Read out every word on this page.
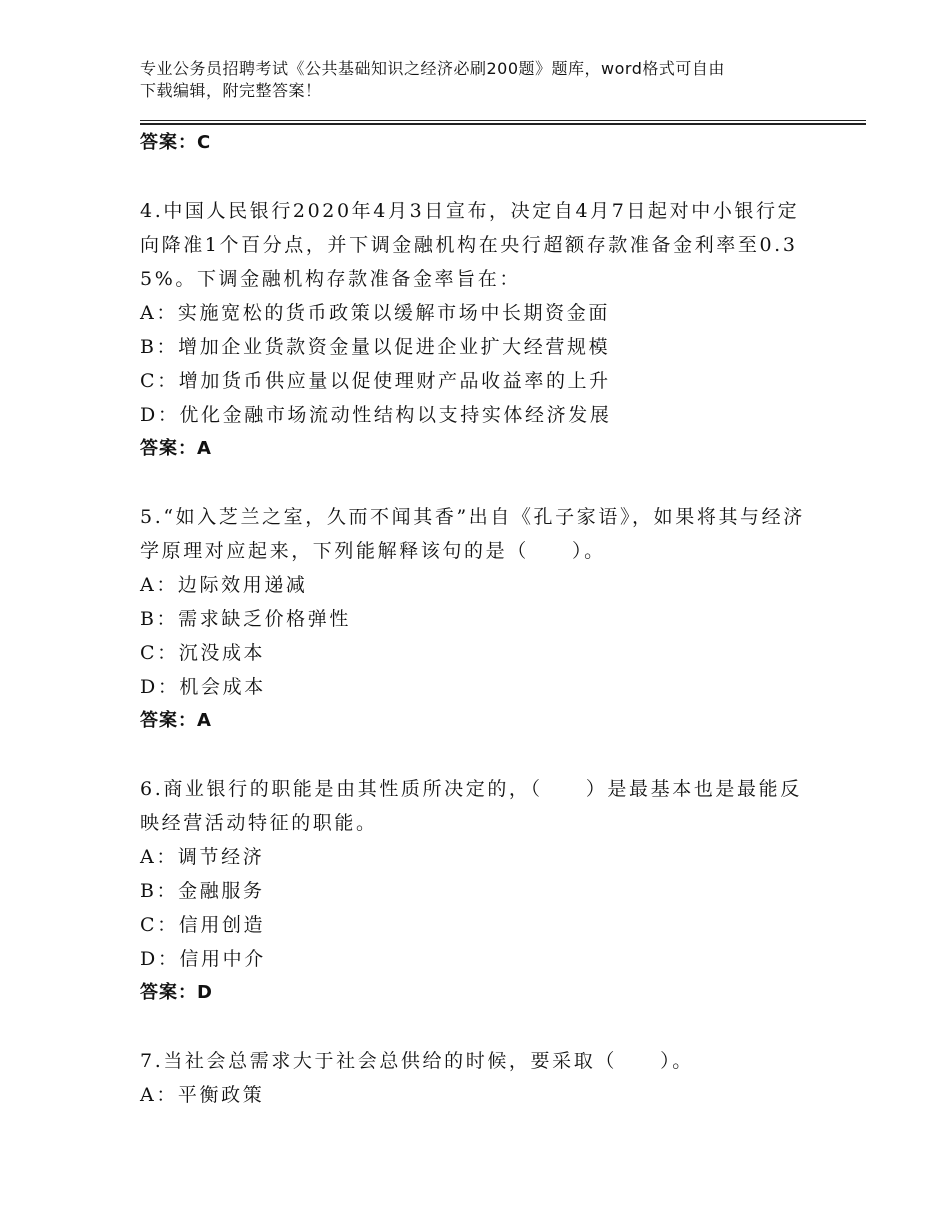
专业公务员招聘考试《公共基础知识之经济必刷200题》题库，word格式可自由
下载编辑，附完整答案！
答案：C
4.中国人民银行2020年4月3日宣布，决定自4月7日起对中小银行定向降准1个百分点，并下调金融机构在央行超额存款准备金利率至0.35%。下调金融机构存款准备金率旨在：
A：实施宽松的货币政策以缓解市场中长期资金面
B：增加企业货款资金量以促进企业扩大经营规模
C：增加货币供应量以促使理财产品收益率的上升
D：优化金融市场流动性结构以支持实体经济发展
答案：A
5.“如入芝兰之室，久而不闻其香”出自《孔子家语》，如果将其与经济学原理对应起来，下列能解释该句的是（　　）。
A：边际效用递减
B：需求缺乏价格弹性
C：沉没成本
D：机会成本
答案：A
6.商业银行的职能是由其性质所决定的，（　　）是最基本也是最能反映经营活动特征的职能。
A：调节经济
B：金融服务
C：信用创造
D：信用中介
答案：D
7.当社会总需求大于社会总供给的时候，要采取（　　）。
A：平衡政策
